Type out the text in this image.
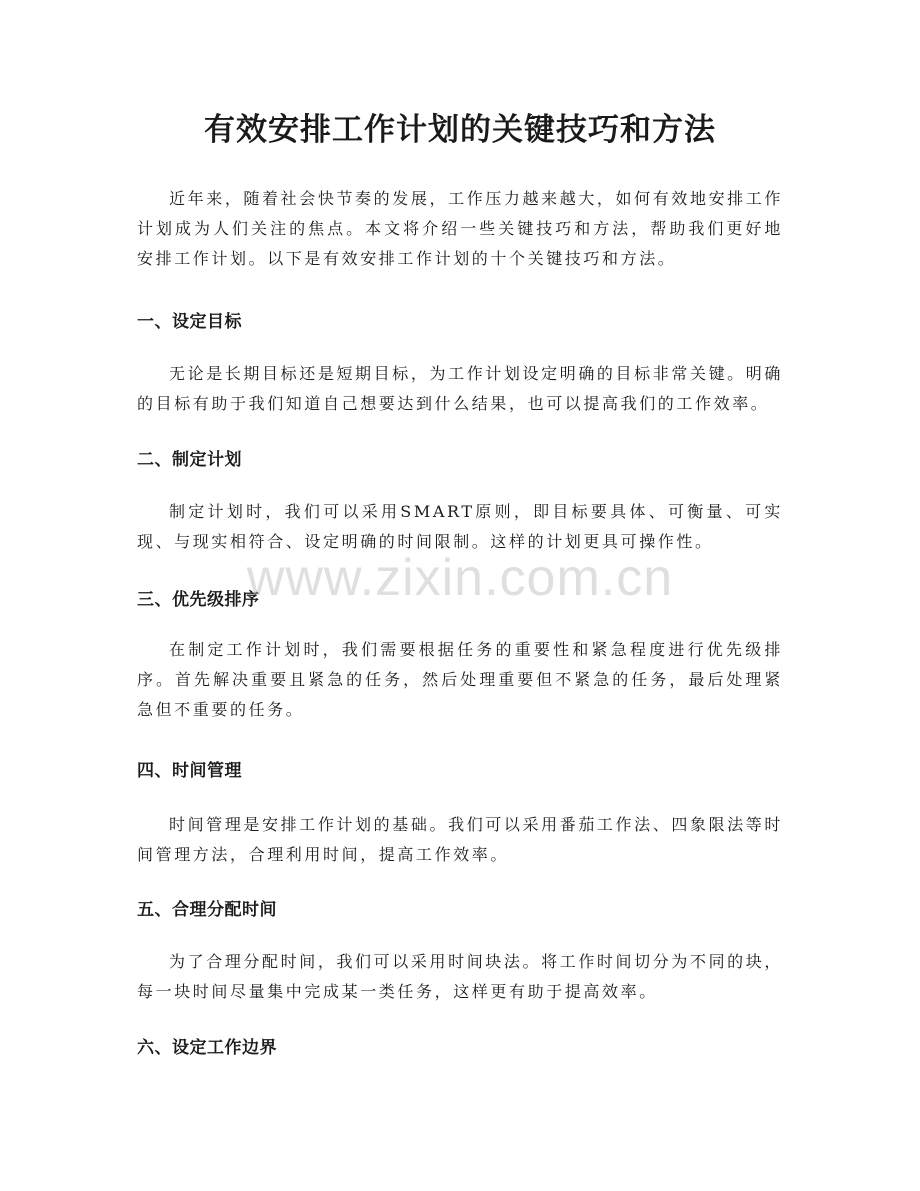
有效安排工作计划的关键技巧和方法

近年来，随着社会快节奏的发展，工作压力越来越大，如何有效地安排工作计划成为人们关注的焦点。本文将介绍一些关键技巧和方法，帮助我们更好地安排工作计划。以下是有效安排工作计划的十个关键技巧和方法。

一、设定目标

无论是长期目标还是短期目标，为工作计划设定明确的目标非常关键。明确的目标有助于我们知道自己想要达到什么结果，也可以提高我们的工作效率。

二、制定计划

制定计划时，我们可以采用SMART原则，即目标要具体、可衡量、可实现、与现实相符合、设定明确的时间限制。这样的计划更具可操作性。

三、优先级排序

在制定工作计划时，我们需要根据任务的重要性和紧急程度进行优先级排序。首先解决重要且紧急的任务，然后处理重要但不紧急的任务，最后处理紧急但不重要的任务。

四、时间管理

时间管理是安排工作计划的基础。我们可以采用番茄工作法、四象限法等时间管理方法，合理利用时间，提高工作效率。

五、合理分配时间

为了合理分配时间，我们可以采用时间块法。将工作时间切分为不同的块，每一块时间尽量集中完成某一类任务，这样更有助于提高效率。

六、设定工作边界
www.zixin.com.cn
